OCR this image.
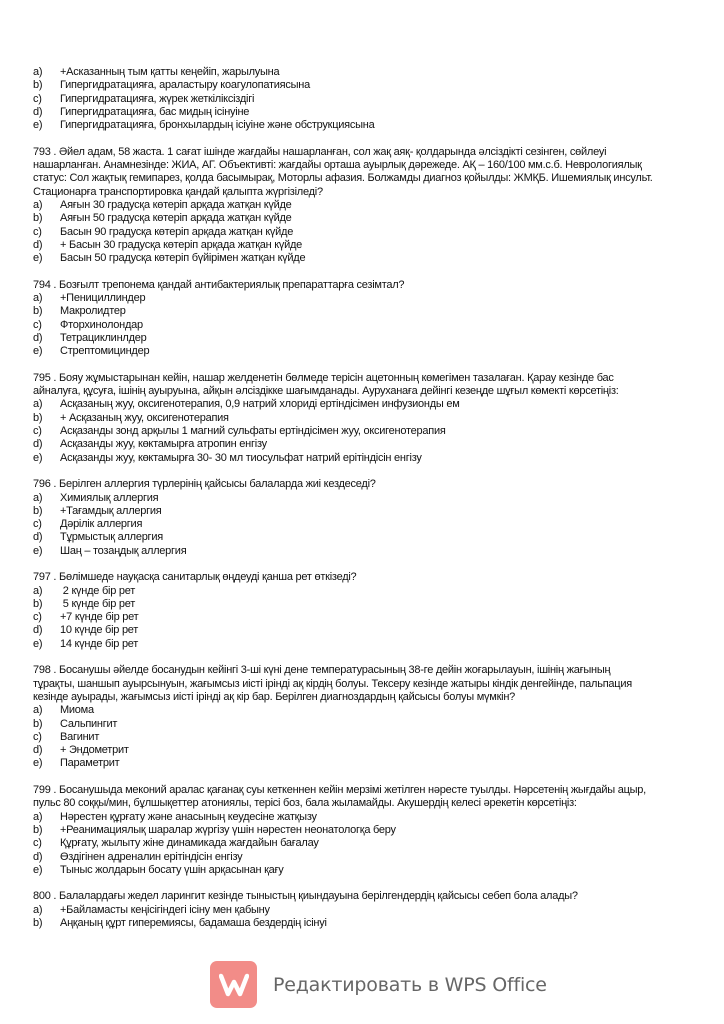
a)	+Асказанның тым қатты кеңейіп, жарылуына
b)	Гипергидратацияға, араластыру коагулопатиясына
c)	Гипергидратацияға, жүрек жеткіліксіздігі
d)	Гипергидратацияға, бас мидың ісінуіне
e)	Гипергидратацияға, бронхылардың ісіуіне және обструкциясына
793 . Әйел адам, 58 жаста. 1 сағат ішінде жағдайы нашарланған, сол жақ аяқ- қолдарында әлсіздікті сезінген, сөйлеуі
нашарланған. Анамнезінде: ЖИА, АГ. Объективті: жағдайы орташа ауырлық дәрежеде. АҚ – 160/100 мм.с.б. Неврологиялық
статус: Сол жақтық гемипарез, қолда басымырақ, Моторлы афазия. Болжамды диагноз қойылды: ЖМҚБ. Ишемиялық инсульт.
Стационарға транспортировка қандай қалыпта жүргізіледі?
a)	Аяғын 30 градусқа көтеріп арқада жатқан күйде
b)	Аяғын 50 градусқа көтеріп арқада жатқан күйде
c)	Басын 90 градусқа көтеріп арқада жатқан күйде
d)	+ Басын 30 градусқа көтеріп арқада жатқан күйде
e)	Басын 50 градусқа көтеріп бүйірімен жатқан күйде
794 . Бозғылт трепонема қандай антибактериялық препараттарға сезімтал?
a)	+Пенициллиндер
b)	Макролидтер
c)	Фторхинолондар
d)	Тетрациклинлдер
e)	Стрептомициндер
795 . Бояу жұмыстарынан кейін, нашар желденетін бөлмеде терісін ацетонның көмегімен тазалаған. Қарау кезінде бас
айналуға, құсуға, ішінің ауыруына, айқын әлсіздікке шағымданады. Ауруханаға дейінгі кезеңде шұғыл көмекті көрсетіңіз:
a)	Асқазаның жуу, оксигенотерапия, 0,9 натрий хлориді ертіндісімен инфузионды ем
b)	+ Асқазаның жуу, оксигенотерапия
c)	Асқазанды зонд арқылы 1 магний сульфаты ертіндісімен жуу, оксигенотерапия
d)	Асқазанды жуу, көктамырға атропин енгізу
e)	Асқазанды жуу, көктамырға 30- 30 мл тиосульфат натрий ерітіндісін енгізу
796 . Берілген аллергия түрлерінің қайсысы балаларда жиі кездеседі?
a)	Химиялық аллергия
b)	+Тағамдық аллергия
c)	Дәрілік аллергия
d)	Тұрмыстық аллергия
e)	Шаң – тозаңдық аллергия
797 . Бөлімшеде науқасқа санитарлық өңдеуді қанша рет өткізеді?
a)	2 күнде бір рет
b)	5 күнде бір рет
c)	+7 күнде бір рет
d)	10 күнде бір рет
e)	14 күнде бір рет
798 . Босанушы әйелде босанудын кейінгі 3-ші күні дене температурасының 38-ге дейін жоғарылауын, ішінің жағының
тұрақты, шаншып ауырсынуын, жағымсыз иісті ірінді ақ кірдің болуы. Тексеру кезінде жатыры кіндік денгейінде, пальпация
кезінде ауырады, жағымсыз иісті ірінді ақ кір бар. Берілген диагноздардың қайсысы болуы мүмкін?
a)	Миома
b)	Сальпингит
c)	Вагинит
d)	+ Эндометрит
e)	Параметрит
799 . Босанушыда меконий аралас қағанақ суы кеткеннен кейін мерзімі жетілген нәресте туылды. Нәрсетенің жығдайы ацыр,
пульс 80 соққы/мин, бұлшықеттер атониялы, терісі боз, бала жыламайды. Акушердің келесі әрекетін көрсетіңіз:
a)	Нәрестен құрғату және анасының кеудесіне жатқызу
b)	+Реанимациялық шаралар жүргізу үшін нәрестен неонатологқа беру
c)	Құрғату, жылыту жіне динамикада жағдайын бағалау
d)	Өздігінен адреналин ерітіндісін енгізу
e)	Тыныс жолдарын босату үшін арқасынан қағу
800 . Балалардағы жедел ларингит кезінде тыныстың қиындауына берілгендердің қайсысы себеп бола алады?
a)	+Байламасты кеңісігіндегі ісіну мен қабыну
b)	Аңқаның құрт гиперемиясы, бадамаша бездердің ісінуі
Редактировать в WPS Office
